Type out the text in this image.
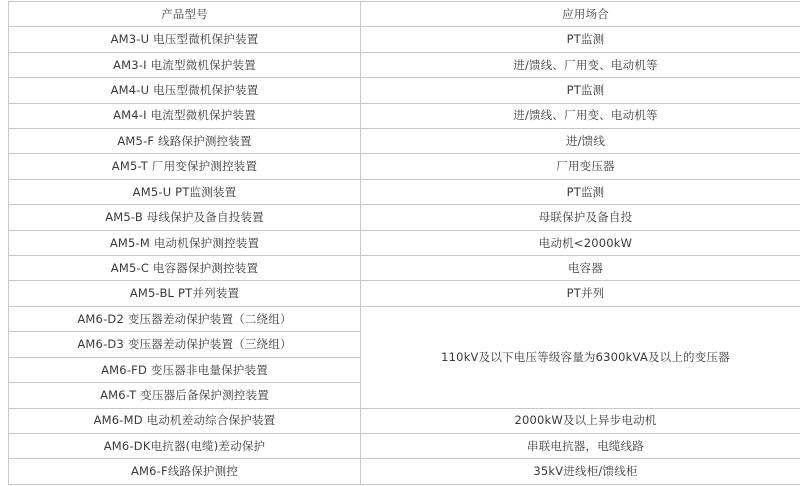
产品型号	应用场合
AM3-U 电压型微机保护装置	PT监测
AM3-I 电流型微机保护装置	进/馈线、厂用变、电动机等
AM4-U 电压型微机保护装置	PT监测
AM4-I 电流型微机保护装置	进/馈线、厂用变、电动机等
AM5-F 线路保护测控装置	进/馈线
AM5-T 厂用变保护测控装置	厂用变压器
AM5-U PT监测装置	PT监测
AM5-B 母线保护及备自投装置	母联保护及备自投
AM5-M 电动机保护测控装置	电动机<2000kW
AM5-C 电容器保护测控装置	电容器
AM5-BL PT并列装置	PT并列
AM6-D2 变压器差动保护装置（二绕组）	110kV及以下电压等级容量为6300kVA及以上的变压器
AM6-D3 变压器差动保护装置（三绕组）	
AM6-FD 变压器非电量保护装置	
AM6-T 变压器后备保护测控装置	
AM6-MD 电动机差动综合保护装置	2000kW及以上异步电动机
AM6-DK电抗器(电缆)差动保护	串联电抗器，电缆线路
AM6-F线路保护测控	35kV进线柜/馈线柜
